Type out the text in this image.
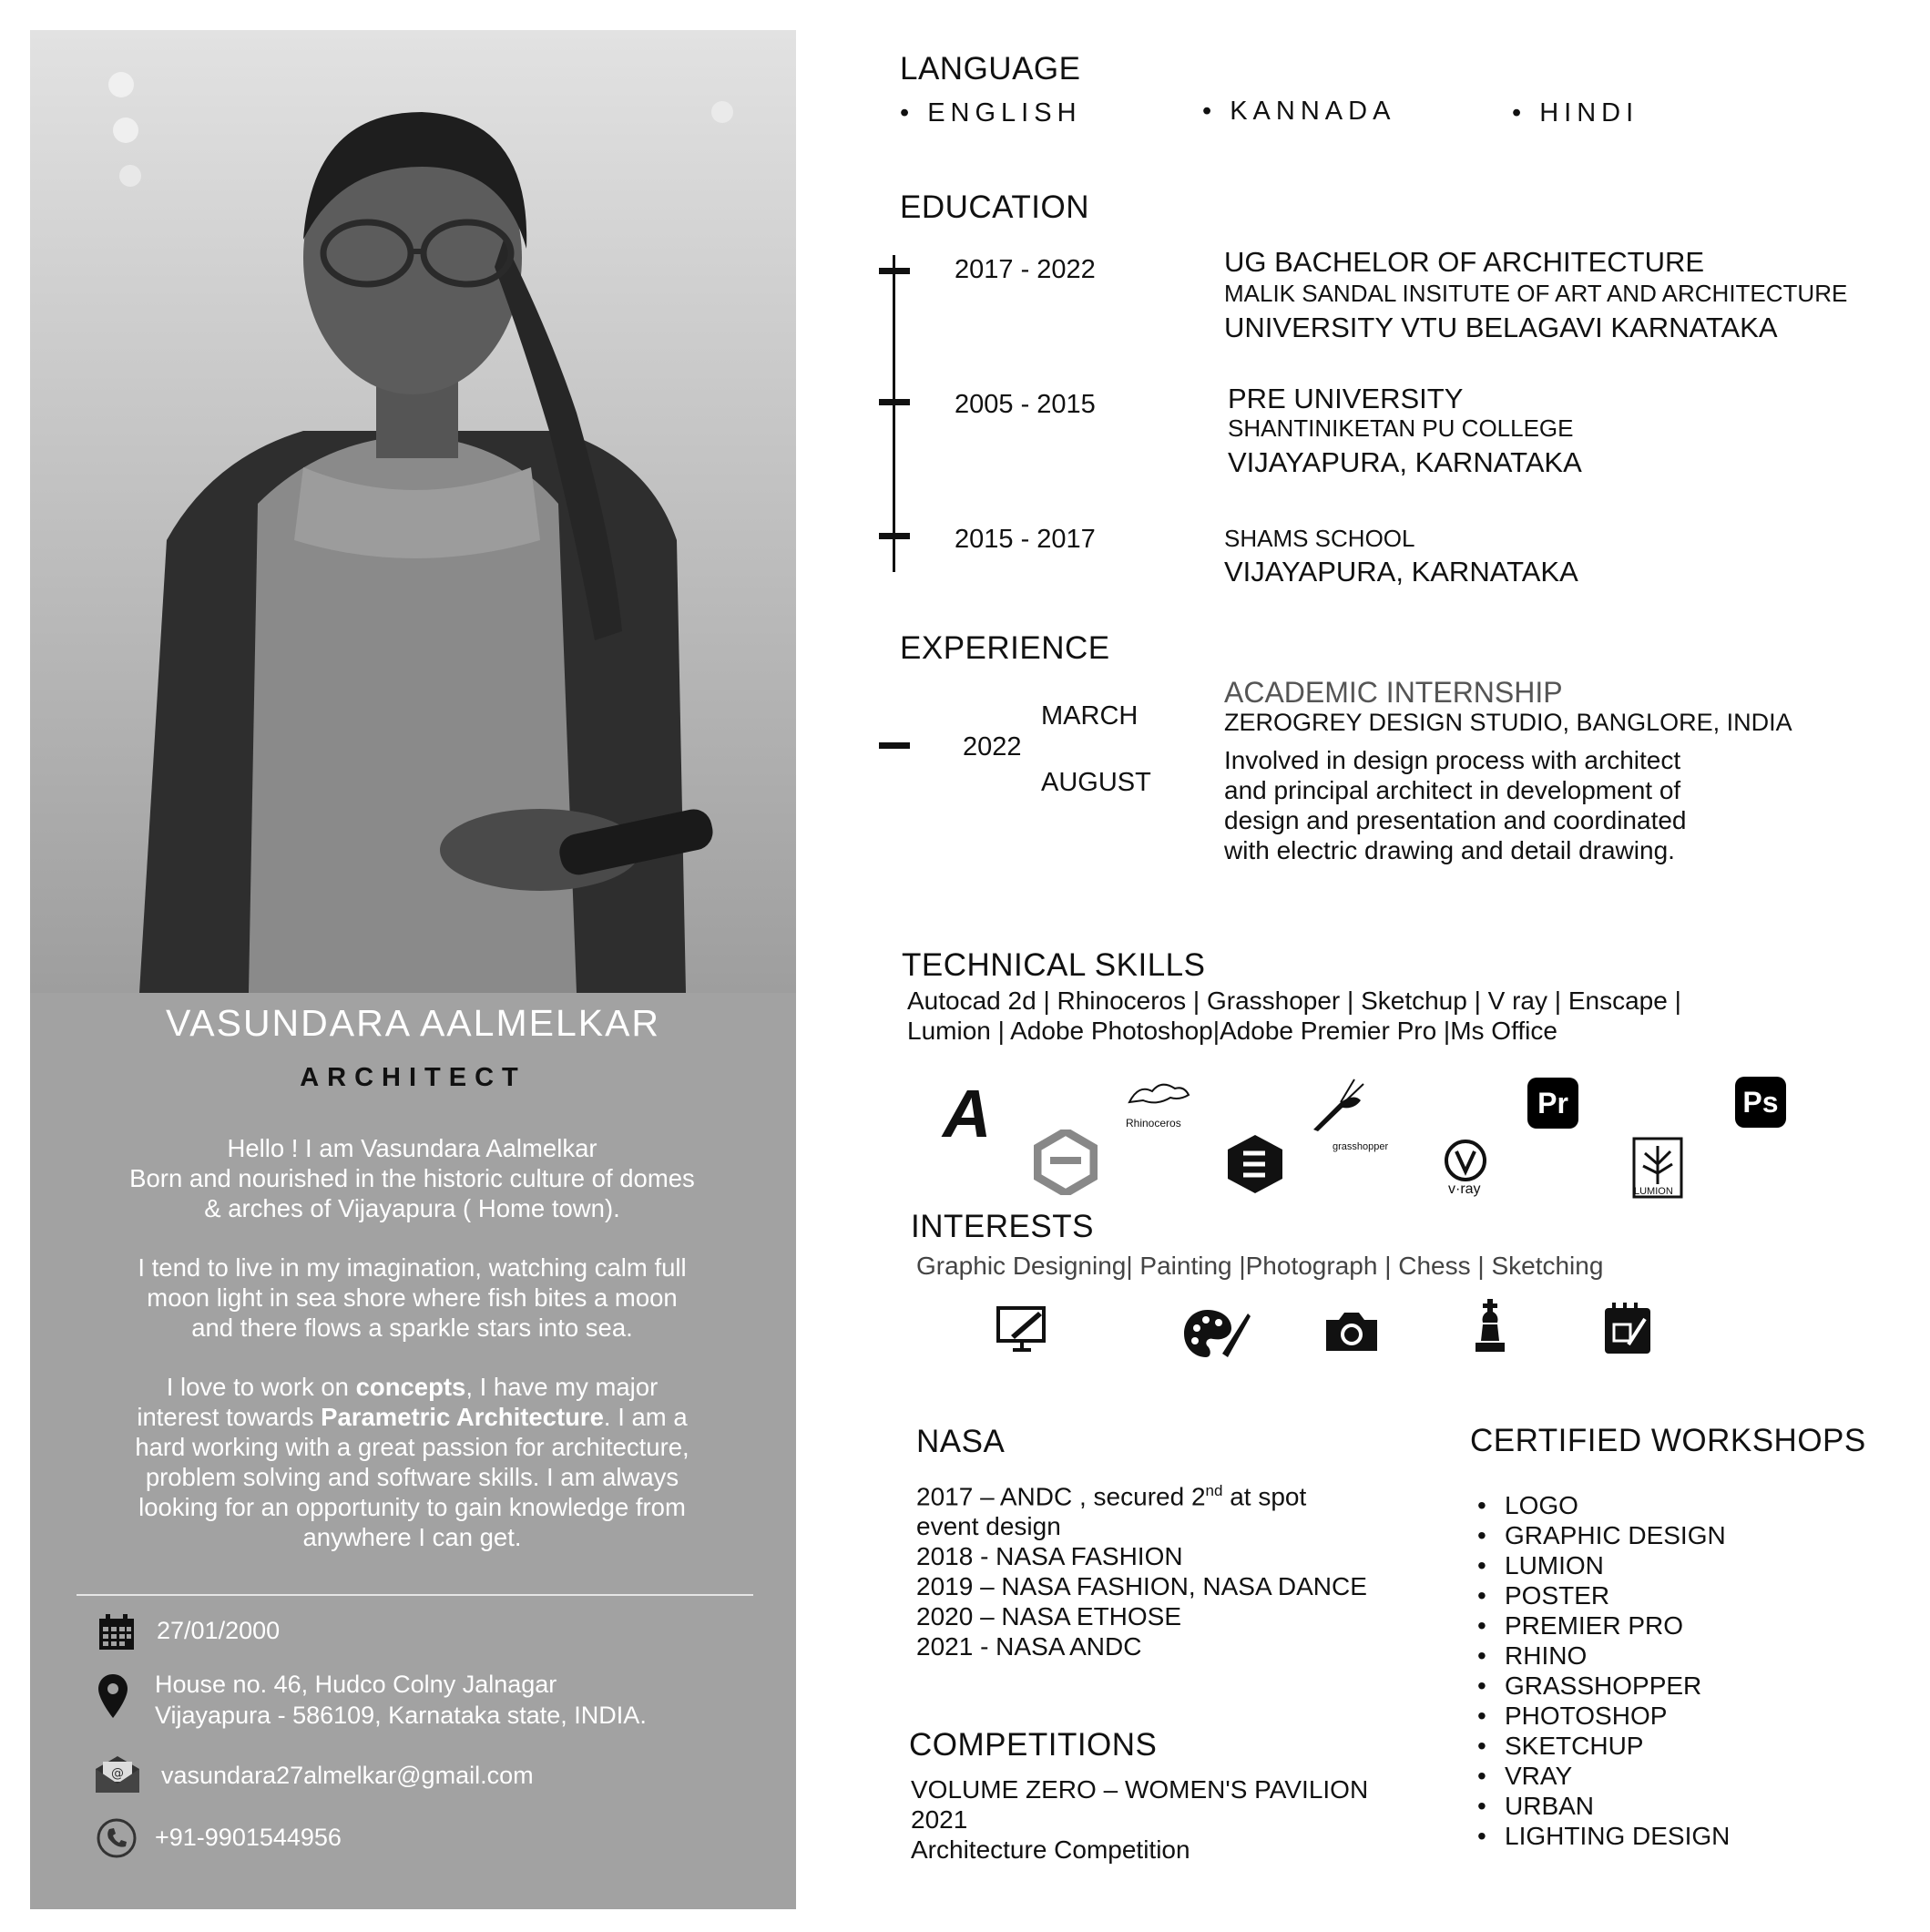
VASUNDARA AALMELKAR
ARCHITECT
Hello ! I am Vasundara Aalmelkar
Born and nourished in the historic culture of domes
& arches of Vijayapura ( Home town).
I tend to live in my imagination, watching calm full
moon light in sea shore where fish bites a moon
and there flows a sparkle stars into sea.
I love to work on concepts, I have my major
interest towards Parametric Architecture. I am a
hard working with a great passion for architecture,
problem solving and software skills. I am always
looking for an opportunity to gain knowledge from
anywhere I can get.
27/01/2000
House no. 46, Hudco Colny Jalnagar
Vijayapura - 586109, Karnataka state, INDIA.
@ vasundara27almelkar@gmail.com
+91-9901544956
LANGUAGE
• ENGLISH	• KANNADA	• HINDI
EDUCATION
2017 - 2022	UG BACHELOR OF ARCHITECTURE
MALIK SANDAL INSITUTE OF ART AND ARCHITECTURE
UNIVERSITY VTU BELAGAVI KARNATAKA
2005 - 2015	PRE UNIVERSITY
SHANTINIKETAN PU COLLEGE
VIJAYAPURA, KARNATAKA
2015 - 2017	SHAMS SCHOOL
VIJAYAPURA, KARNATAKA
EXPERIENCE
2022
MARCH
AUGUST
ACADEMIC INTERNSHIP
ZEROGREY DESIGN STUDIO, BANGLORE, INDIA
Involved in design process with architect
and principal architect in development of
design and presentation and coordinated
with electric drawing and detail drawing.
TECHNICAL SKILLS
Autocad 2d | Rhinoceros | Grasshoper | Sketchup | V ray | Enscape |
Lumion | Adobe Photoshop|Adobe Premier Pro |Ms Office
A	Rhinoceros
grasshopper
v·ray
Pr
LUMION
Ps
INTERESTS
Graphic Designing| Painting |Photograph | Chess | Sketching
NASA
2017 – ANDC , secured 2nd at spot
event design
2018 - NASA FASHION
2019 – NASA FASHION, NASA DANCE
2020 – NASA ETHOSE
2021 - NASA ANDC
COMPETITIONS
VOLUME ZERO – WOMEN'S PAVILION
2021
Architecture Competition
CERTIFIED WORKSHOPS
• LOGO
• GRAPHIC DESIGN
• LUMION
• POSTER
• PREMIER PRO
• RHINO
• GRASSHOPPER
• PHOTOSHOP
• SKETCHUP
• VRAY
• URBAN
• LIGHTING DESIGN
